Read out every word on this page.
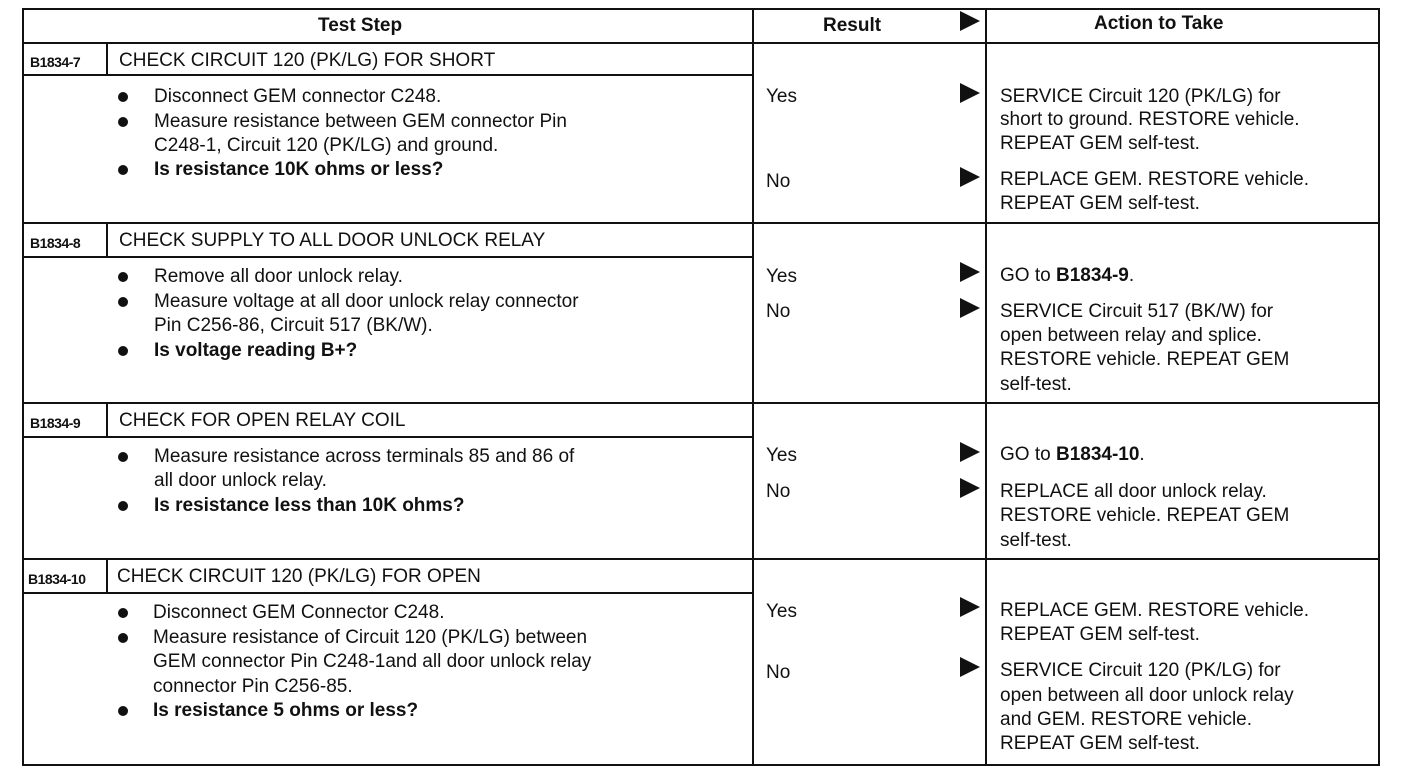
Test Step	Result	Action to Take
B1834-7 CHECK CIRCUIT 120 (PK/LG) FOR SHORT
Disconnect GEM connector C248.
Measure resistance between GEM connector Pin
C248-1, Circuit 120 (PK/LG) and ground.
Is resistance 10K ohms or less?
Yes
No
SERVICE Circuit 120 (PK/LG) for
short to ground. RESTORE vehicle.
REPEAT GEM self-test.
REPLACE GEM. RESTORE vehicle.
REPEAT GEM self-test.
B1834-8 CHECK SUPPLY TO ALL DOOR UNLOCK RELAY
Remove all door unlock relay.
Measure voltage at all door unlock relay connector
Pin C256-86, Circuit 517 (BK/W).
Is voltage reading B+?
Yes
No
GO to B1834-9.
SERVICE Circuit 517 (BK/W) for
open between relay and splice.
RESTORE vehicle. REPEAT GEM
self-test.
B1834-9 CHECK FOR OPEN RELAY COIL
Measure resistance across terminals 85 and 86 of
all door unlock relay.
Is resistance less than 10K ohms?
Yes
No
GO to B1834-10.
REPLACE all door unlock relay.
RESTORE vehicle. REPEAT GEM
self-test.
B1834-10 CHECK CIRCUIT 120 (PK/LG) FOR OPEN
Disconnect GEM Connector C248.
Measure resistance of Circuit 120 (PK/LG) between
GEM connector Pin C248-1and all door unlock relay
connector Pin C256-85.
Is resistance 5 ohms or less?
Yes
No
REPLACE GEM. RESTORE vehicle.
REPEAT GEM self-test.
SERVICE Circuit 120 (PK/LG) for
open between all door unlock relay
and GEM. RESTORE vehicle.
REPEAT GEM self-test.
